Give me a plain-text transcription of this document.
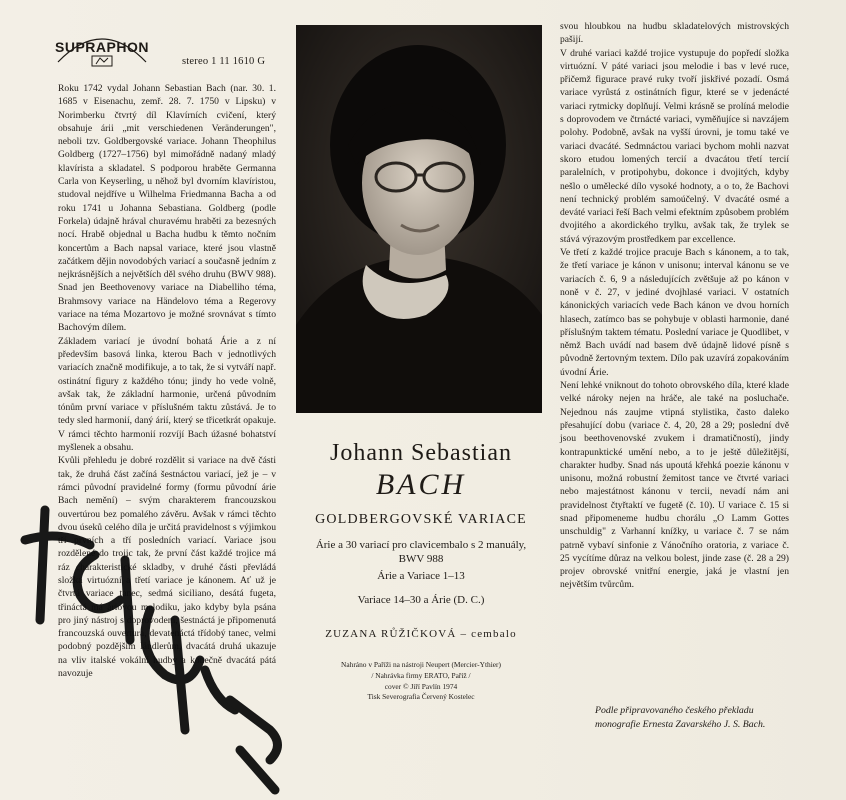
SUPRAPHON
stereo 1 11 1610 G

Roku 1742 vydal Johann Sebastian Bach (nar. 30. 1. 1685 v Eisenachu, zemř. 28. 7. 1750 v Lipsku) v Norimberku čtvrtý díl Klavírních cvičení, který obsahuje árii „mit verschiedenen Veränderungen", neboli tzv. Goldbergovské variace. Johann Theophilus Goldberg (1727–1756) byl mimořádně nadaný mladý klavírista a skladatel. S podporou hraběte Germanna Carla von Keyserling, u něhož byl dvorním klavíristou, studoval nejdříve u Wilhelma Friedmanna Bacha a od roku 1741 u Johanna Sebastiana. Goldberg (podle Forkela) údajně hrával churavému hraběti za bezesných nocí. Hrabě objednal u Bacha hudbu k těmto nočním koncertům a Bach napsal variace, které jsou vlastně začátkem dějin novodobých variací a současně jedním z nejkrásnějších a největších děl svého druhu (BWV 988). Snad jen Beethovenovy variace na Diabelliho téma, Brahmsovy variace na Händelovo téma a Regerovy variace na téma Mozartovo je možné srovnávat s tímto Bachovým dílem.

Základem variací je úvodní bohatá Árie a z ní především basová linka, kterou Bach v jednotlivých variacích značně modifikuje, a to tak, že si vytváří např. ostinátní figury z každého tónu; jindy ho vede volně, avšak tak, že základní harmonie, určená původním tónům první variace v příslušném taktu zůstává. Je to tedy sled harmonií, daný árií, který se třicetkrát opakuje. V rámci těchto harmonií rozvíjí Bach úžasné bohatství myšlenek a obsahu.

Kvůli přehledu je dobré rozdělit si variace na dvě části tak, že druhá část začíná šestnáctou variací, jež je – v rámci původní pravidelné formy (formu původní árie Bach nemění) – svým charakterem francouzskou ouvertúrou bez pomalého závěru. Avšak v rámci těchto dvou úseků celého díla je určitá pravidelnost s výjimkou tří prvních a tří posledních variací. Variace jsou rozdělené do trojic tak, že první část každé trojice má ráz charakteristické skladby, v druhé části převládá složka virtuózní a třetí variace je kánonem. Ať už je čtvrtá variace tanec, sedmá siciliano, desátá fugeta, třináctá má áriovou melodiku, jako kdyby byla psána pro jiný nástroj s doprovodem, šestnáctá je připomenutá francouzská ouvertura, devatenáctá třídobý tanec, velmi podobný pozdějším ländlerům, dvacátá druhá ukazuje na vliv italské vokální hudby a konečně dvacátá pátá navozuje

Johann Sebastian

BACH

GOLDBERGOVSKÉ VARIACE
Árie a 30 variací pro clavicembalo s 2 manuály,
BWV 988
Árie a Variace 1–13
Variace 14–30 a Árie (D. C.)
ZUZANA RŮŽIČKOVÁ – cembalo
Nahráno v Paříži na nástroji Neupert (Mercier-Ythier)
/ Nahrávka firmy ERATO, Paříž /
cover © Jiří Pavlín 1974
Tisk Severografia Červený Kostelec

svou hloubkou na hudbu skladatelových mistrovských pašijí.

V druhé variaci každé trojice vystupuje do popředí složka virtuózní. V páté variaci jsou melodie i bas v levé ruce, přičemž figurace pravé ruky tvoří jiskřivé pozadí. Osmá variace vyrůstá z ostinátních figur, které se v jedenácté variaci rytmicky doplňují. Velmi krásně se prolíná melodie s doprovodem ve čtrnácté variaci, vyměňujíce si navzájem polohy. Podobně, avšak na vyšší úrovni, je tomu také ve variaci dvacáté. Sedmnáctou variaci bychom mohli nazvat skoro etudou lomených tercií a dvacátou třetí tercií paralelních, v protipohybu, dokonce i dvojitých, kdyby nešlo o umělecké dílo vysoké hodnoty, a o to, že Bachovi není technický problém samoúčelný. V dvacáté osmé a deváté variaci řeší Bach velmi efektním způsobem problém dvojitého a akordického trylku, avšak tak, že trylek se stává výrazovým prostředkem par excellence.

Ve třetí z každé trojice pracuje Bach s kánonem, a to tak, že třetí variace je kánon v unisonu; interval kánonu se ve variacích č. 6, 9 a následujících zvětšuje až po kánon v noně v č. 27, v jediné dvojhlasé variaci. V ostatních kánonických variacích vede Bach kánon ve dvou horních hlasech, zatímco bas se pohybuje v oblasti harmonie, dané příslušným taktem tématu. Poslední variace je Quodlibet, v němž Bach uvádí nad basem dvě údajně lidové písně s původně žertovným textem. Dílo pak uzavírá zopakováním úvodní Árie.

Není lehké vniknout do tohoto obrovského díla, které klade velké nároky nejen na hráče, ale také na posluchače. Nejednou nás zaujme vtipná stylistika, často daleko přesahující dobu (variace č. 4, 20, 28 a 29; poslední dvě jsou beethovenovské zvukem i dramatičností), jindy kontrapunktické umění nebo, a to je ještě důležitější, charakter hudby. Snad nás upoutá křehká poezie kánonu v unisonu, možná robustní žemitost tance ve čtvrté variaci nebo majestátnost kánonu v tercii, nevadí nám ani pravidelnost čtyřtaktí ve fugetě (č. 10). U variace č. 15 si snad připomeneme hudbu chorálu „O Lamm Gottes unschuldig" z Varhanní knížky, u variace č. 7 se nám patrně vybaví sinfonie z Vánočního oratoria, z variace č. 25 vycítíme důraz na velkou bolest, jinde zase (č. 28 a 29) projev obrovské vnitřní energie, jaká je vlastní jen největším tvůrcům.

Podle připravovaného českého překladu monografie Ernesta Zavarského J. S. Bach.
